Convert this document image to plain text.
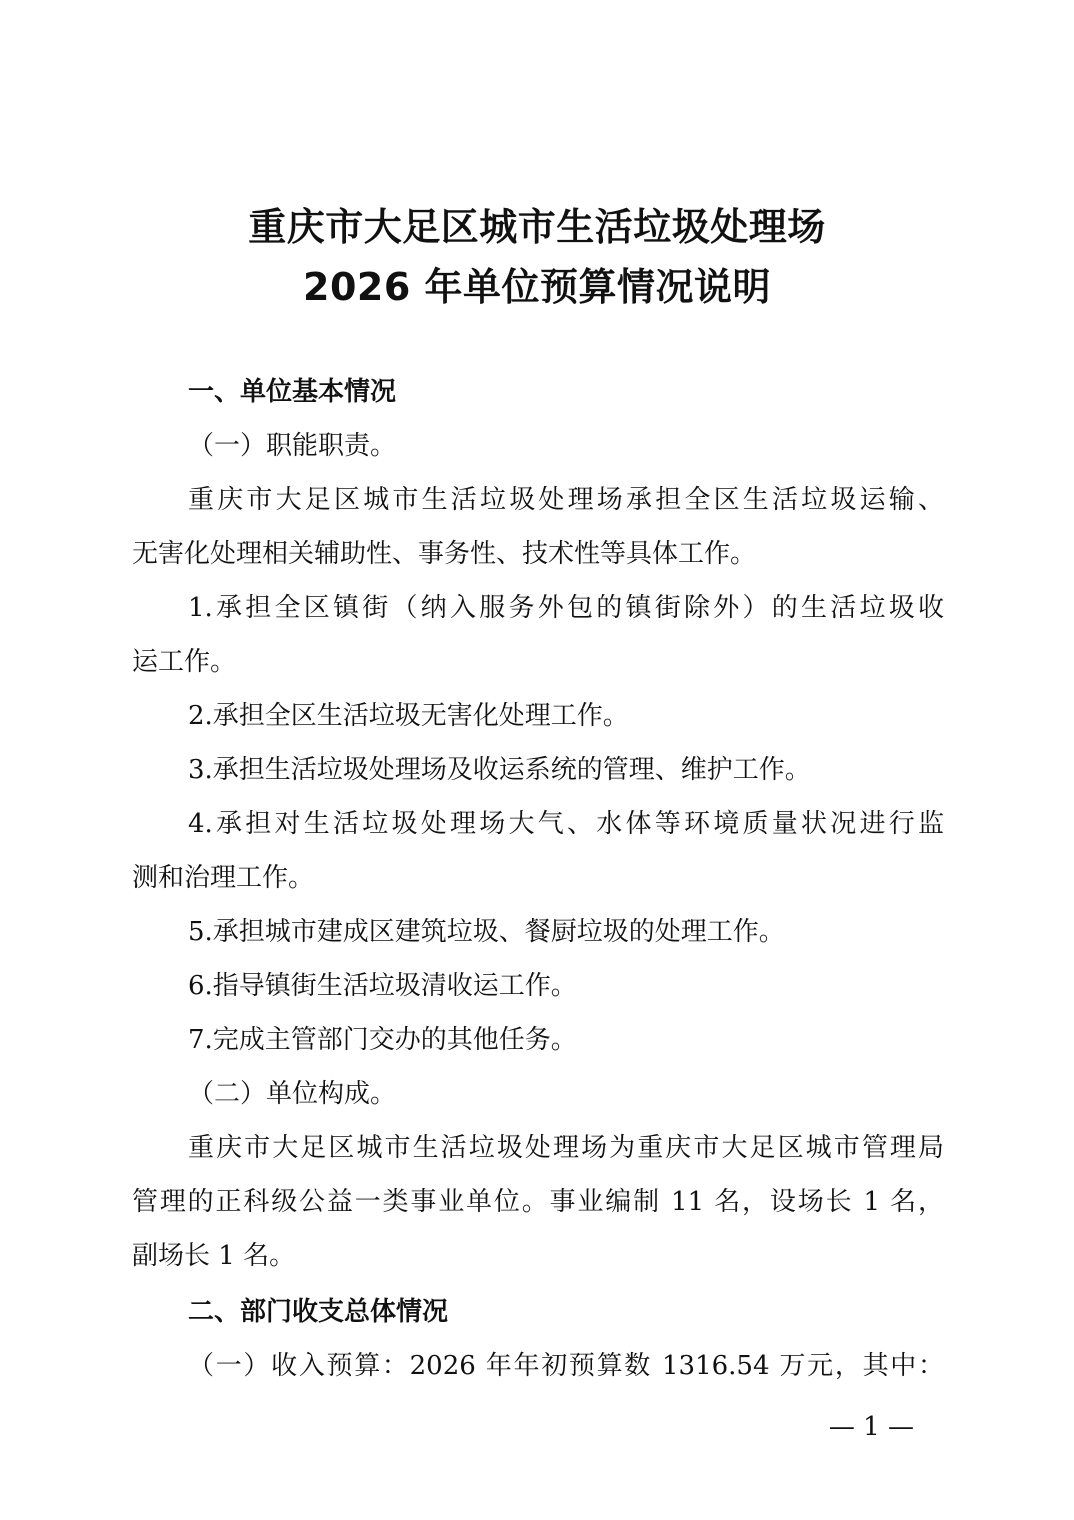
重庆市大足区城市生活垃圾处理场
2026 年单位预算情况说明
一、单位基本情况
（一）职能职责。
重庆市大足区城市生活垃圾处理场承担全区生活垃圾运输、
无害化处理相关辅助性、事务性、技术性等具体工作。
1.承担全区镇街（纳入服务外包的镇街除外）的生活垃圾收
运工作。
2.承担全区生活垃圾无害化处理工作。
3.承担生活垃圾处理场及收运系统的管理、维护工作。
4.承担对生活垃圾处理场大气、水体等环境质量状况进行监
测和治理工作。
5.承担城市建成区建筑垃圾、餐厨垃圾的处理工作。
6.指导镇街生活垃圾清收运工作。
7.完成主管部门交办的其他任务。
（二）单位构成。
重庆市大足区城市生活垃圾处理场为重庆市大足区城市管理局
管理的正科级公益一类事业单位。事业编制 11 名，设场长 1 名，
副场长 1 名。
二、部门收支总体情况
（一）收入预算：2026 年年初预算数 1316.54 万元，其中：
— 1 —
